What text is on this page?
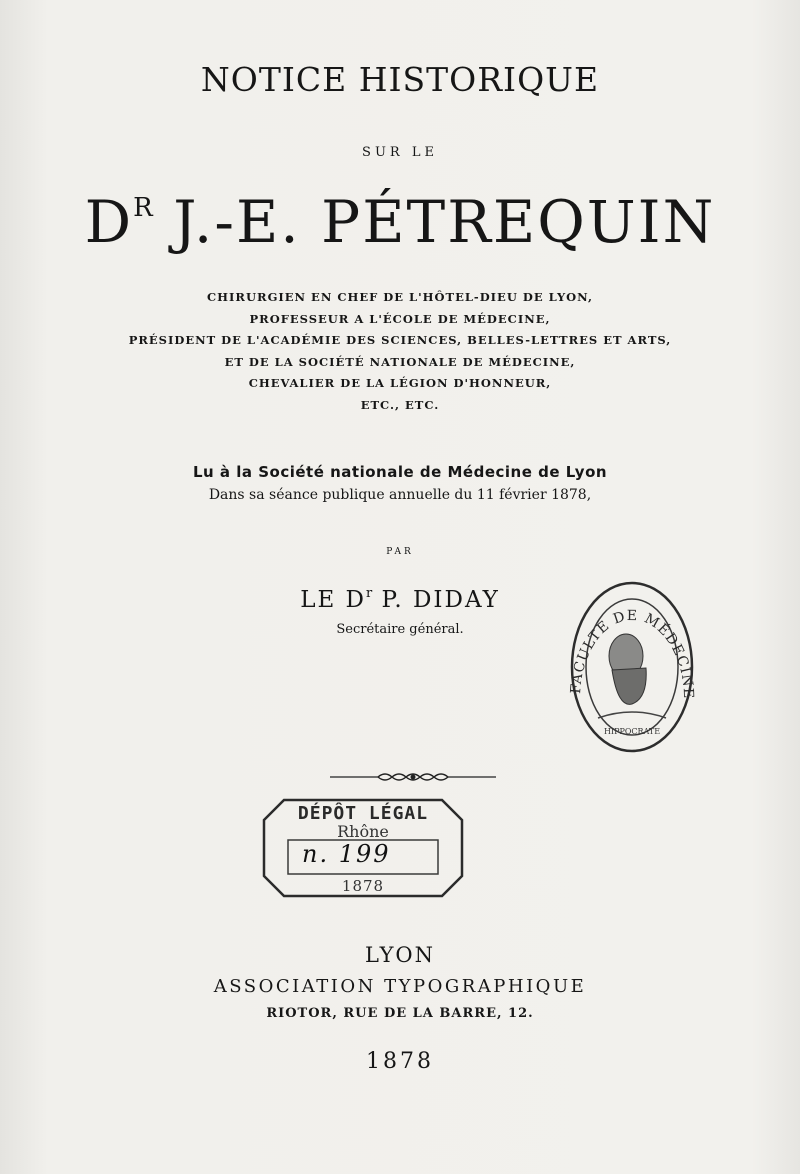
NOTICE HISTORIQUE
SUR LE
$D^R$ J.-E. PÉTREQUIN
CHIRURGIEN EN CHEF DE L'HÔTEL-DIEU DE LYON,
PROFESSEUR A L'ÉCOLE DE MÉDECINE,
PRÉSIDENT DE L'ACADÉMIE DES SCIENCES, BELLES-LETTRES ET ARTS,
ET DE LA SOCIÉTÉ NATIONALE DE MÉDECINE,
CHEVALIER DE LA LÉGION D'HONNEUR,
ETC., ETC.
Lu à la Société nationale de Médecine de Lyon
Dans sa séance publique annuelle du 11 février 1878,
PAR
LE $D^r$ P. DIDAY
Secrétaire général.
FACULTÉ DE MÉDECINE
HIPPOCRATE
DÉPÔT LÉGAL
Rhône
n. 199
1878
LYON
ASSOCIATION TYPOGRAPHIQUE
RIOTOR, RUE DE LA BARRE, 12.
1878
